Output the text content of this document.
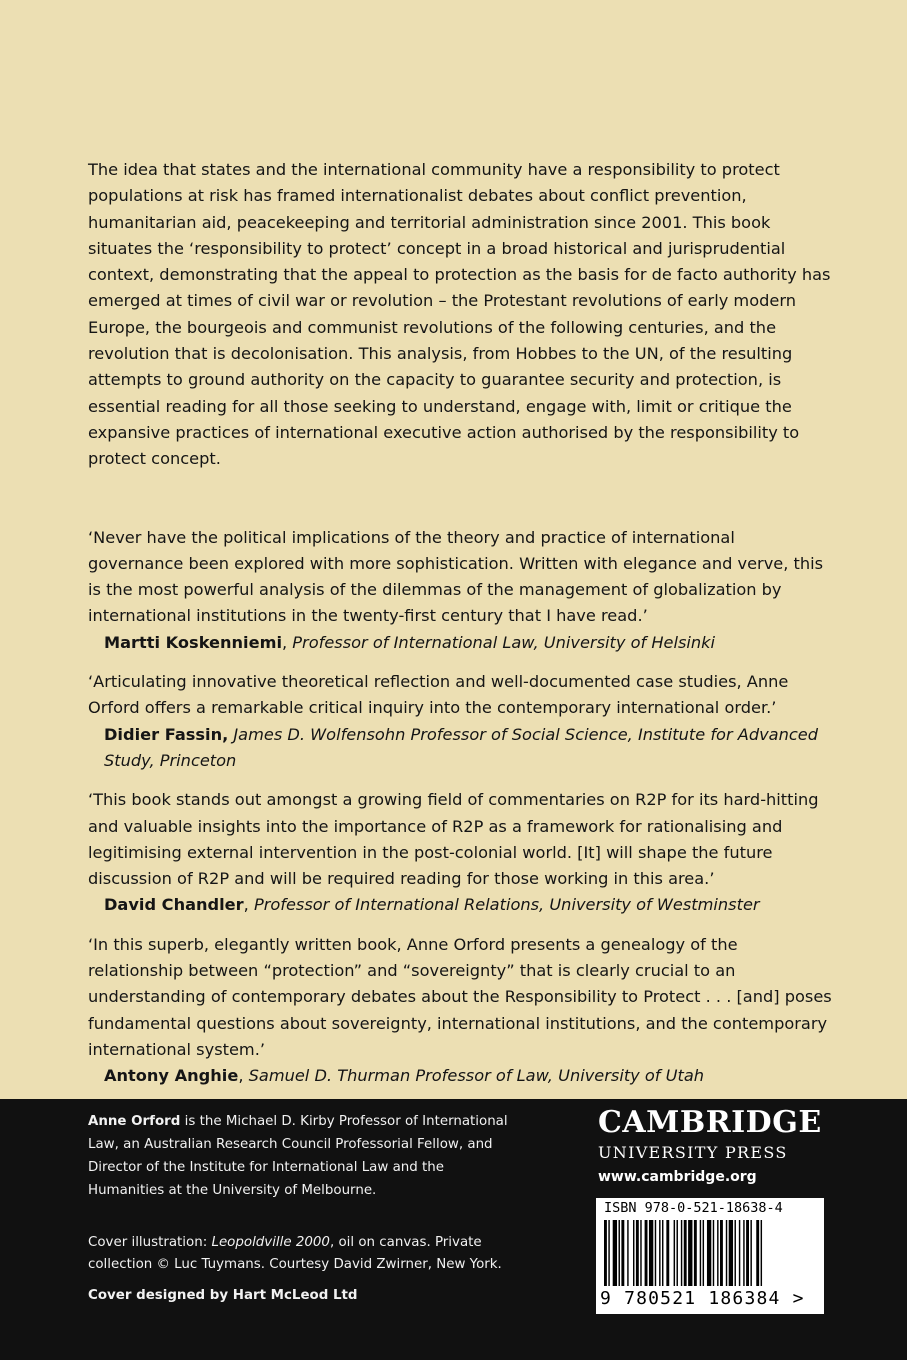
The idea that states and the international community have a responsibility to protect populations at risk has framed internationalist debates about conflict prevention, humanitarian aid, peacekeeping and territorial administration since 2001. This book situates the ‘responsibility to protect’ concept in a broad historical and jurisprudential context, demonstrating that the appeal to protection as the basis for de facto authority has emerged at times of civil war or revolution – the Protestant revolutions of early modern Europe, the bourgeois and communist revolutions of the following centuries, and the revolution that is decolonisation. This analysis, from Hobbes to the UN, of the resulting attempts to ground authority on the capacity to guarantee security and protection, is essential reading for all those seeking to understand, engage with, limit or critique the expansive practices of international executive action authorised by the responsibility to protect concept.

‘Never have the political implications of the theory and practice of international governance been explored with more sophistication. Written with elegance and verve, this is the most powerful analysis of the dilemmas of the management of globalization by international institutions in the twenty-first century that I have read.’

Martti Koskenniemi, Professor of International Law, University of Helsinki

‘Articulating innovative theoretical reflection and well-documented case studies, Anne Orford offers a remarkable critical inquiry into the contemporary international order.’

Didier Fassin, James D. Wolfensohn Professor of Social Science, Institute for Advanced Study, Princeton

‘This book stands out amongst a growing field of commentaries on R2P for its hard-hitting and valuable insights into the importance of R2P as a framework for rationalising and legitimising external intervention in the post-colonial world. [It] will shape the future discussion of R2P and will be required reading for those working in this area.’

David Chandler, Professor of International Relations, University of Westminster

‘In this superb, elegantly written book, Anne Orford presents a genealogy of the relationship between “protection” and “sovereignty” that is clearly crucial to an understanding of contemporary debates about the Responsibility to Protect . . . [and] poses fundamental questions about sovereignty, international institutions, and the contemporary international system.’

Antony Anghie, Samuel D. Thurman Professor of Law, University of Utah

Anne Orford is the Michael D. Kirby Professor of International Law, an Australian Research Council Professorial Fellow, and Director of the Institute for International Law and the Humanities at the University of Melbourne.

Cover illustration: Leopoldville 2000, oil on canvas. Private collection © Luc Tuymans. Courtesy David Zwirner, New York.

Cover designed by Hart McLeod Ltd

CAMBRIDGE
UNIVERSITY PRESS
www.cambridge.org
ISBN 978-0-521-18638-4
9 780521 186384 >
